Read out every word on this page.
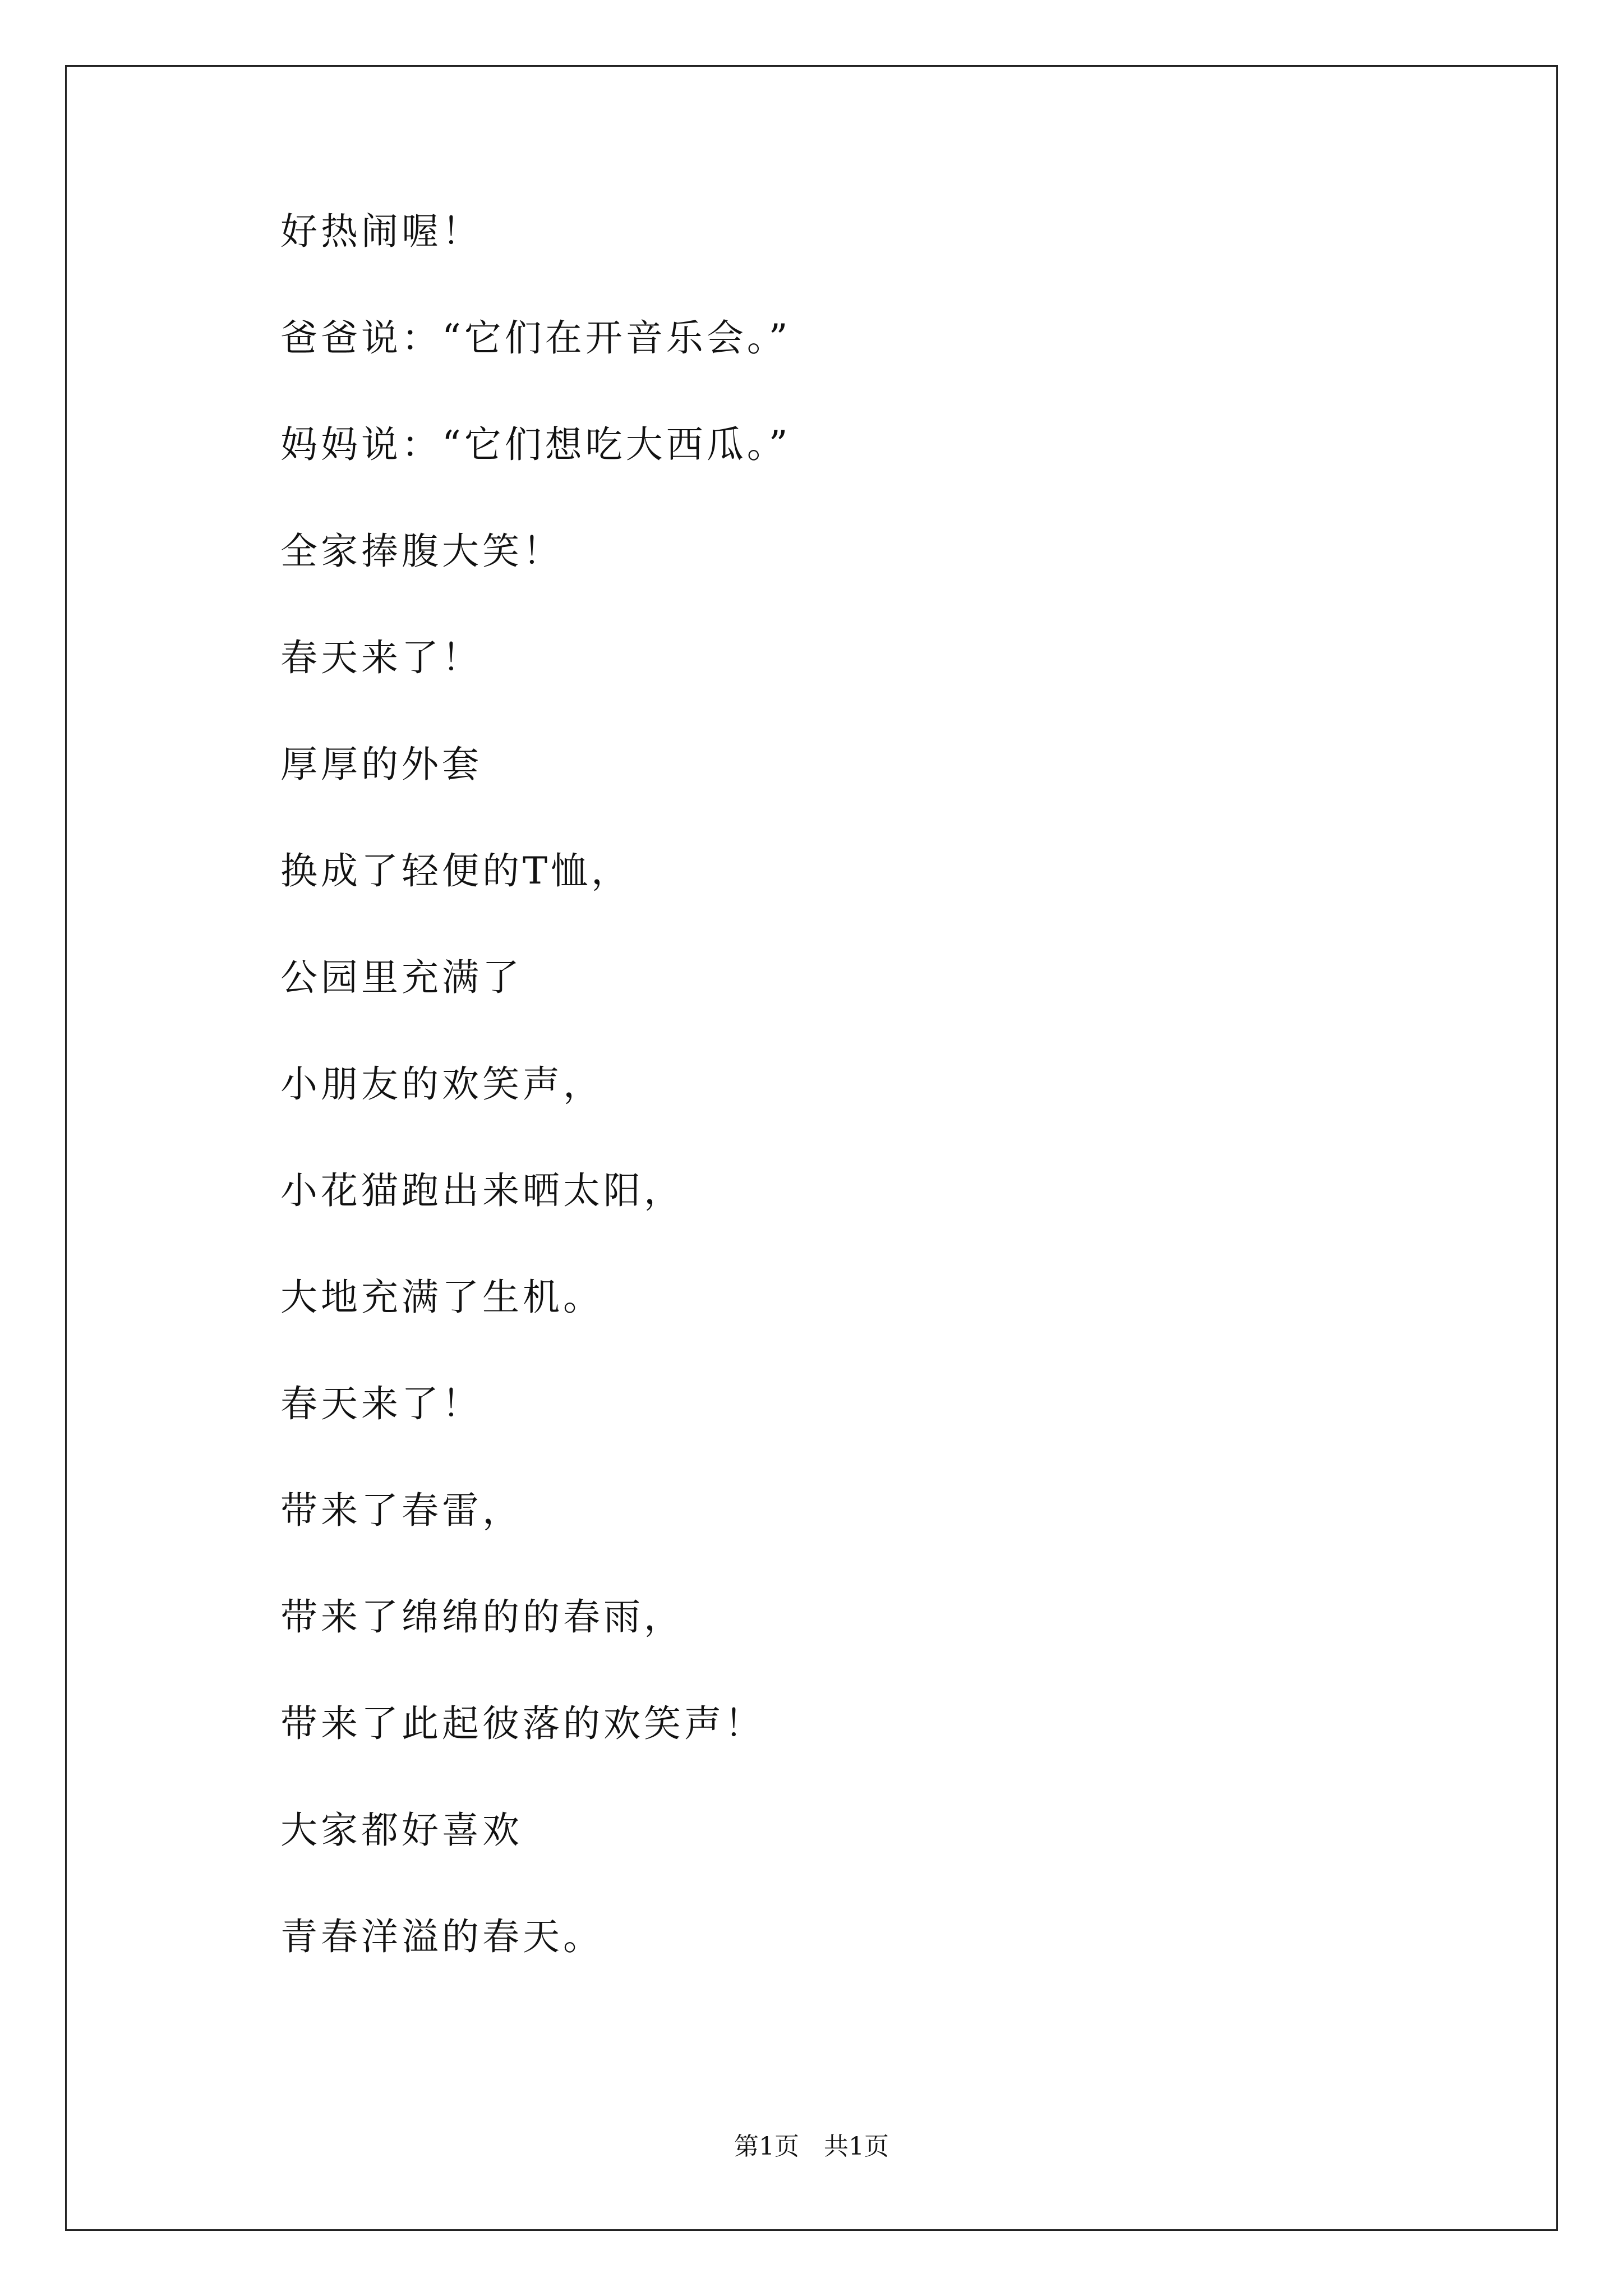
好热闹喔！
爸爸说：“它们在开音乐会。”
妈妈说：“它们想吃大西瓜。”
全家捧腹大笑！
春天来了！
厚厚的外套
换成了轻便的T恤，
公园里充满了
小朋友的欢笑声，
小花猫跑出来晒太阳，
大地充满了生机。
春天来了！
带来了春雷，
带来了绵绵的的春雨，
带来了此起彼落的欢笑声！
大家都好喜欢
青春洋溢的春天。
第1页　共1页
